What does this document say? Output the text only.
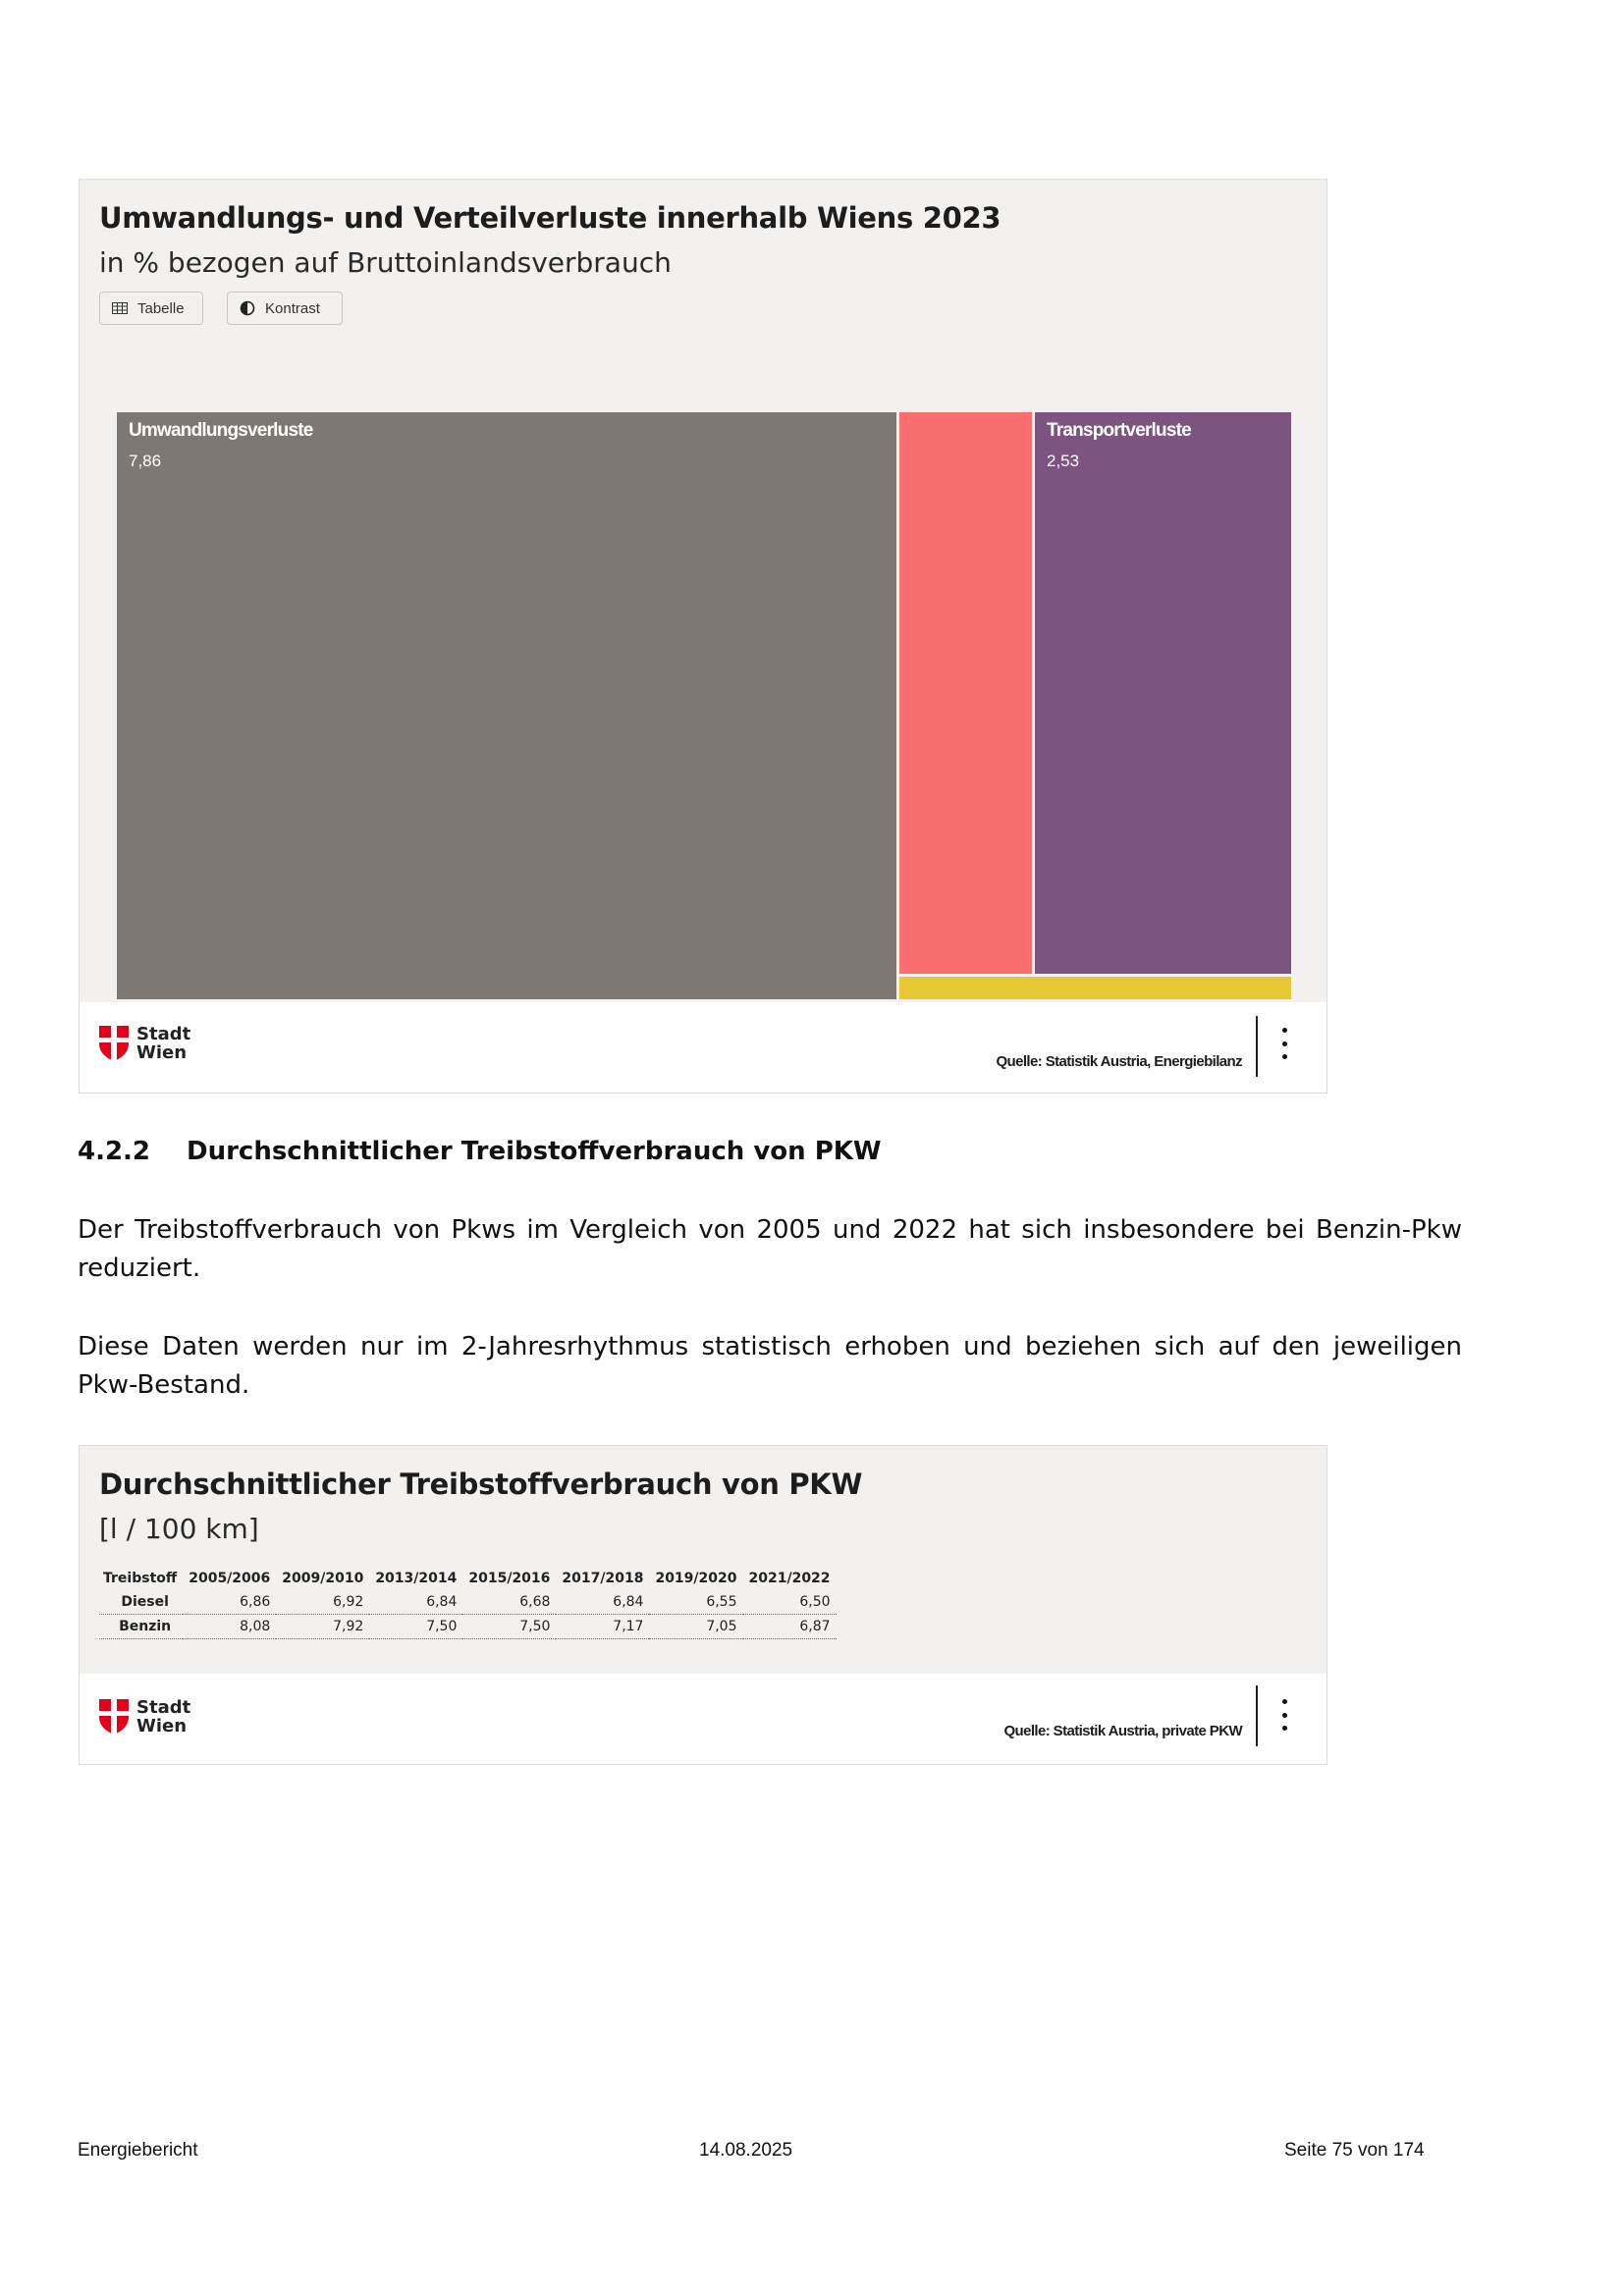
Umwandlungs- und Verteilverluste innerhalb Wiens 2023
in % bezogen auf Bruttoinlandsverbrauch
Tabelle	Kontrast
Umwandlungsverluste
7,86
Transportverluste
2,53
Stadt
Wien	Quelle: Statistik Austria, Energiebilanz
4.2.2 Durchschnittlicher Treibstoffverbrauch von PKW
Der Treibstoffverbrauch von Pkws im Vergleich von 2005 und 2022 hat sich insbesondere bei Benzin-Pkw reduziert.
Diese Daten werden nur im 2-Jahresrhythmus statistisch erhoben und beziehen sich auf den jeweiligen Pkw-Bestand.
Durchschnittlicher Treibstoffverbrauch von PKW
[l / 100 km]
Treibstoff	2005/2006	2009/2010	2013/2014	2015/2016	2017/2018	2019/2020	2021/2022
Diesel	6,86	6,92	6,84	6,68	6,84	6,55	6,50
Benzin	8,08	7,92	7,50	7,50	7,17	7,05	6,87
Stadt
Wien	Quelle: Statistik Austria, private PKW
Energiebericht	14.08.2025	Seite 75 von 174
